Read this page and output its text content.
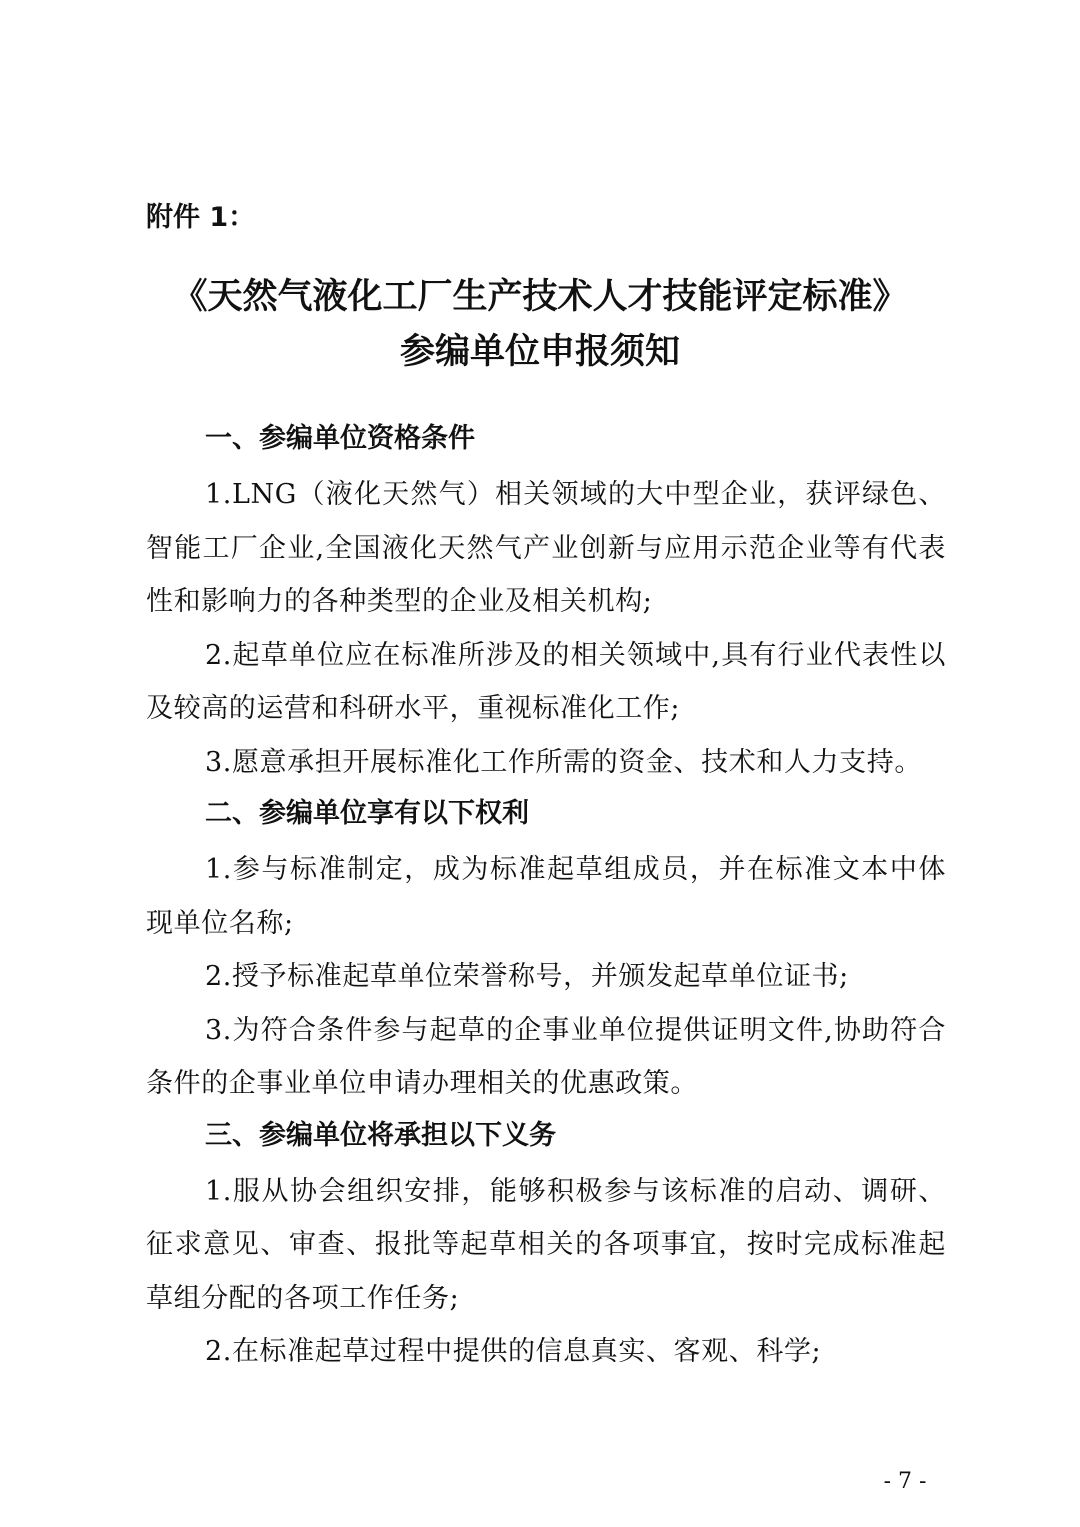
附件 1：
《天然气液化工厂生产技术人才技能评定标准》
参编单位申报须知
一、参编单位资格条件

1.LNG（液化天然气）相关领域的大中型企业，获评绿色、智能工厂企业,全国液化天然气产业创新与应用示范企业等有代表性和影响力的各种类型的企业及相关机构;

2.起草单位应在标准所涉及的相关领域中,具有行业代表性以及较高的运营和科研水平，重视标准化工作;

3.愿意承担开展标准化工作所需的资金、技术和人力支持。

二、参编单位享有以下权利

1.参与标准制定，成为标准起草组成员，并在标准文本中体现单位名称;

2.授予标准起草单位荣誉称号，并颁发起草单位证书;

3.为符合条件参与起草的企事业单位提供证明文件,协助符合条件的企事业单位申请办理相关的优惠政策。

三、参编单位将承担以下义务

1.服从协会组织安排，能够积极参与该标准的启动、调研、征求意见、审查、报批等起草相关的各项事宜，按时完成标准起草组分配的各项工作任务;

2.在标准起草过程中提供的信息真实、客观、科学;

- 7 -
